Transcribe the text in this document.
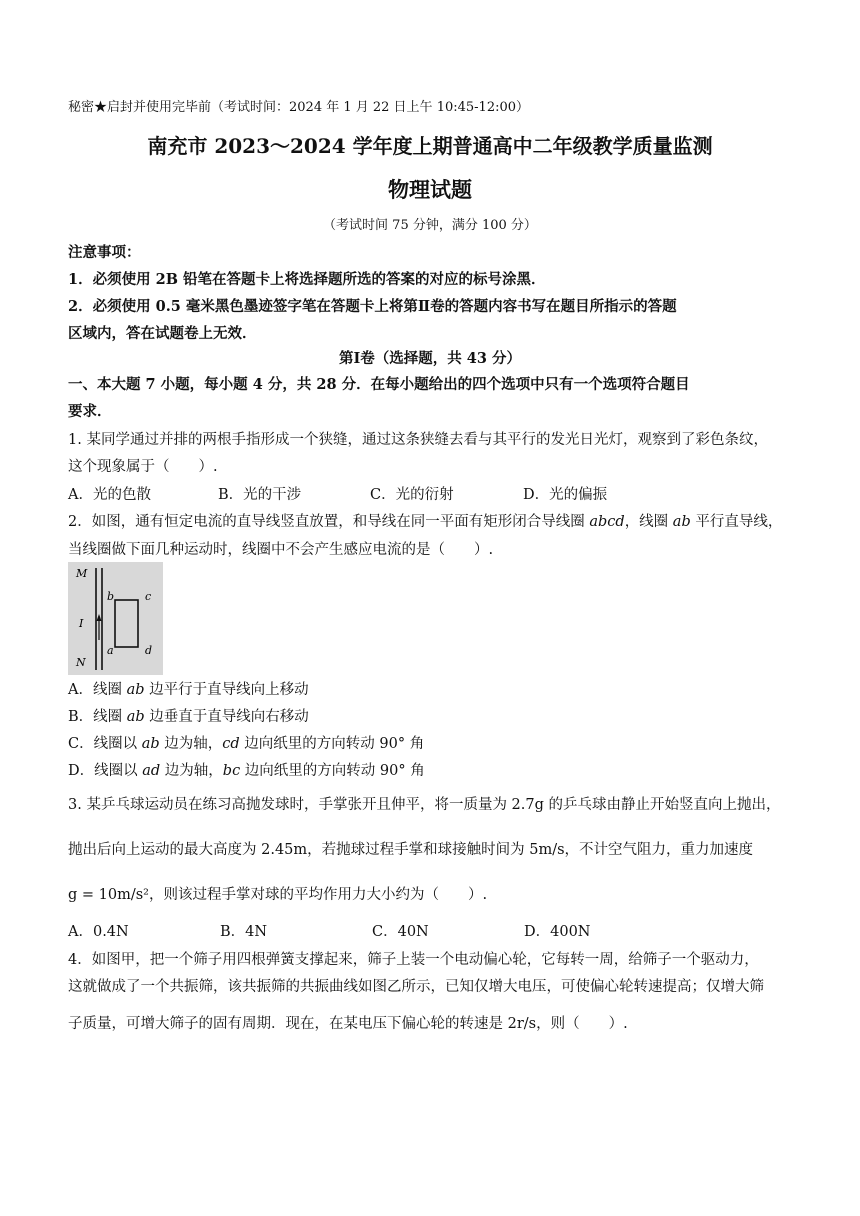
秘密★启封并使用完毕前（考试时间：2024 年 1 月 22 日上午 10:45-12:00）
南充市 2023～2024 学年度上期普通高中二年级教学质量监测
物理试题
（考试时间 75 分钟，满分 100 分）
注意事项：
1．必须使用 2B 铅笔在答题卡上将选择题所选的答案的对应的标号涂黑．
2．必须使用 0.5 毫米黑色墨迹签字笔在答题卡上将第Ⅱ卷的答题内容书写在题目所指示的答题
区域内，答在试题卷上无效．
第Ⅰ卷（选择题，共 43 分）
一、本大题 7 小题，每小题 4 分，共 28 分．在每小题给出的四个选项中只有一个选项符合题目
要求．
1. 某同学通过并排的两根手指形成一个狭缝，通过这条狭缝去看与其平行的发光日光灯，观察到了彩色条纹，
这个现象属于（　　）.
A．光的色散	B．光的干涉	C．光的衍射	D．光的偏振
2．如图，通有恒定电流的直导线竖直放置，和导线在同一平面有矩形闭合导线圈 abcd，线圈 ab 平行直导线，
当线圈做下面几种运动时，线圈中不会产生感应电流的是（　　）.
M
I
N
b	c
a	d
A．线圈 ab 边平行于直导线向上移动
B．线圈 ab 边垂直于直导线向右移动
C．线圈以 ab 边为轴，cd 边向纸里的方向转动 90° 角
D．线圈以 ad 边为轴，bc 边向纸里的方向转动 90° 角
3. 某乒乓球运动员在练习高抛发球时，手掌张开且伸平，将一质量为 2.7g 的乒乓球由静止开始竖直向上抛出，
抛出后向上运动的最大高度为 2.45m，若抛球过程手掌和球接触时间为 5m/s，不计空气阻力，重力加速度
g = 10m/s²，则该过程手掌对球的平均作用力大小约为（　　）.
A．0.4N	B．4N	C．40N	D．400N
4．如图甲，把一个筛子用四根弹簧支撑起来，筛子上装一个电动偏心轮，它每转一周，给筛子一个驱动力，
这就做成了一个共振筛，该共振筛的共振曲线如图乙所示，已知仅增大电压，可使偏心轮转速提高；仅增大筛
子质量，可增大筛子的固有周期．现在，在某电压下偏心轮的转速是 2r/s，则（　　）.
